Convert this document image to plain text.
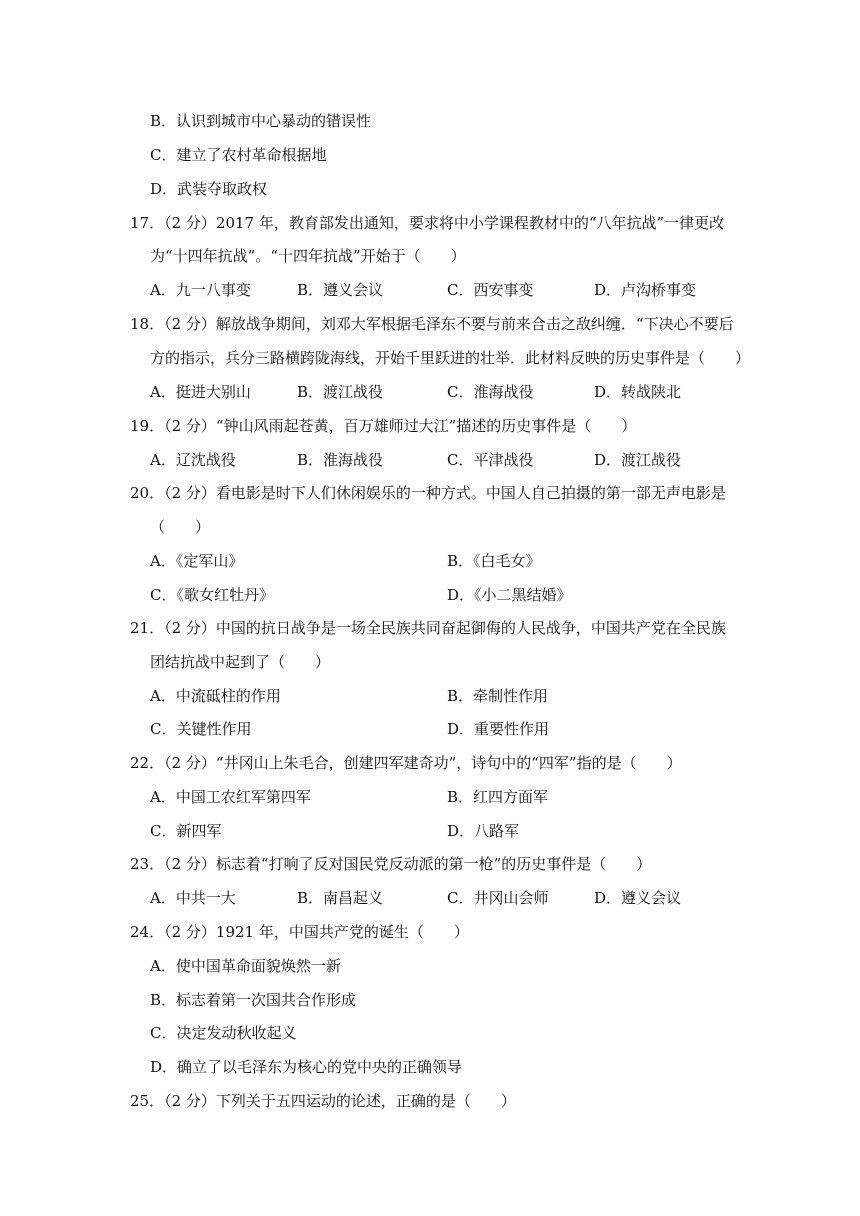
B．认识到城市中心暴动的错误性
C．建立了农村革命根据地
D．武装夺取政权
17．（2 分）2017 年，教育部发出通知，要求将中小学课程教材中的“八年抗战”一律更改
为“十四年抗战”。“十四年抗战”开始于（　　）
A．九一八事变	B．遵义会议	C．西安事变	D．卢沟桥事变
18．（2 分）解放战争期间，刘邓大军根据毛泽东不要与前来合击之敌纠缠．“下决心不要后
方的指示，兵分三路横跨陇海线，开始千里跃进的壮举．此材料反映的历史事件是（　　）
A．挺进大别山	B．渡江战役	C．淮海战役	D．转战陕北
19．（2 分）“钟山风雨起苍黄，百万雄师过大江”描述的历史事件是（　　）
A．辽沈战役	B．淮海战役	C．平津战役	D．渡江战役
20．（2 分）看电影是时下人们休闲娱乐的一种方式。中国人自己拍摄的第一部无声电影是
（　　）
A．《定军山》	B．《白毛女》
C．《歌女红牡丹》	D．《小二黑结婚》
21．（2 分）中国的抗日战争是一场全民族共同奋起御侮的人民战争，中国共产党在全民族
团结抗战中起到了（　　）
A．中流砥柱的作用	B．牵制性作用
C．关键性作用	D．重要性作用
22．（2 分）“井冈山上朱毛合，创建四军建奇功”，诗句中的“四军”指的是（　　）
A．中国工农红军第四军	B．红四方面军
C．新四军	D．八路军
23．（2 分）标志着“打响了反对国民党反动派的第一枪”的历史事件是（　　）
A．中共一大	B．南昌起义	C．井冈山会师	D．遵义会议
24．（2 分）1921 年，中国共产党的诞生（　　）
A．使中国革命面貌焕然一新
B．标志着第一次国共合作形成
C．决定发动秋收起义
D．确立了以毛泽东为核心的党中央的正确领导
25．（2 分）下列关于五四运动的论述，正确的是（　　）
